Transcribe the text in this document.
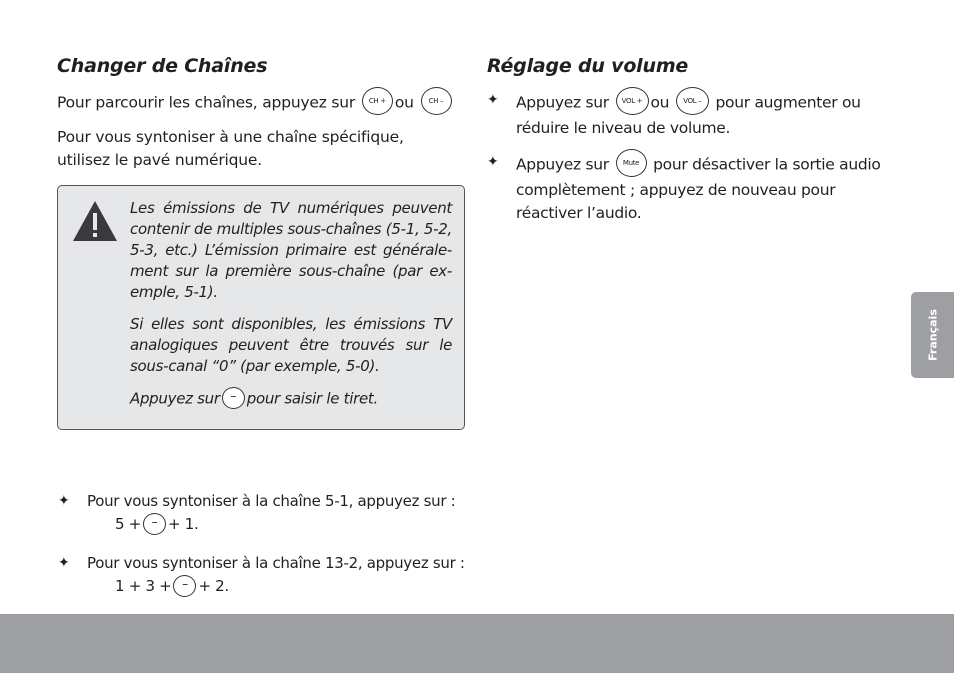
Changer de Chaînes

Pour parcourir les chaînes, appuyez sur CH + ou CH –

Pour vous syntoniser à une chaîne spécifique, utilisez le pavé numérique.

Les émissions de TV numériques peuvent contenir de multiples sous-chaînes (5-1, 5-2, 5-3, etc.) L’émission primaire est générale-ment sur la première sous-chaîne (par ex-emple, 5-1).

Si elles sont disponibles, les émissions TV analogiques peuvent être trouvés sur le sous-canal “0” (par exemple, 5-0).

Appuyez sur – pour saisir le tiret.

✦ Pour vous syntoniser à la chaîne 5-1, appuyez sur :
5 + – + 1.
✦ Pour vous syntoniser à la chaîne 13-2, appuyez sur :
1 + 3 + – + 2.
Réglage du volume
✦ Appuyez sur VOL + ou VOL – pour augmenter ou réduire le niveau de volume.
✦ Appuyez sur Mute pour désactiver la sortie audio complètement ; appuyez de nouveau pour réactiver l’audio.
Français
